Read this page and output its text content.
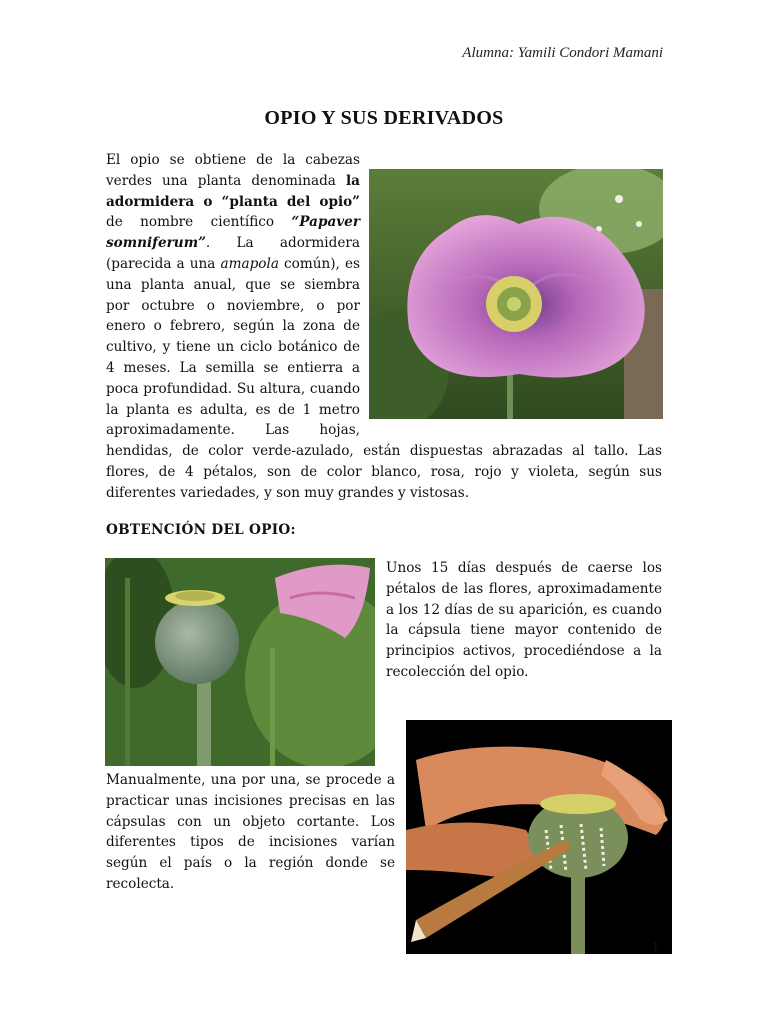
Alumna: Yamili Condori Mamani
OPIO Y SUS DERIVADOS
El opio se obtiene de la cabezas verdes una planta denominada la adormidera o “planta del opio” de nombre científico “Papaver somniferum”. La adormidera (parecida a una amapola común), es una planta anual, que se siembra por octubre o noviembre, o por enero o febrero, según la zona de cultivo, y tiene un ciclo botánico de 4 meses. La semilla se entierra a poca profundidad. Su altura, cuando la planta es adulta, es de 1 metro aproximadamente. Las hojas, hendidas, de color verde-azulado, están dispuestas abrazadas al tallo. Las flores, de 4 pétalos, son de color blanco, rosa, rojo y violeta, según sus diferentes variedades, y son muy grandes y vistosas.
OBTENCIÓN DEL OPIO:
Unos 15 días después de caerse los pétalos de las flores, aproximadamente a los 12 días de su aparición, es cuando la cápsula tiene mayor contenido de principios activos, procediéndose a la recolección del opio.
Manualmente, una por una, se procede a practicar unas incisiones precisas en las cápsulas con un objeto cortante. Los diferentes tipos de incisiones varían según el país o la región donde se recolecta.
1
